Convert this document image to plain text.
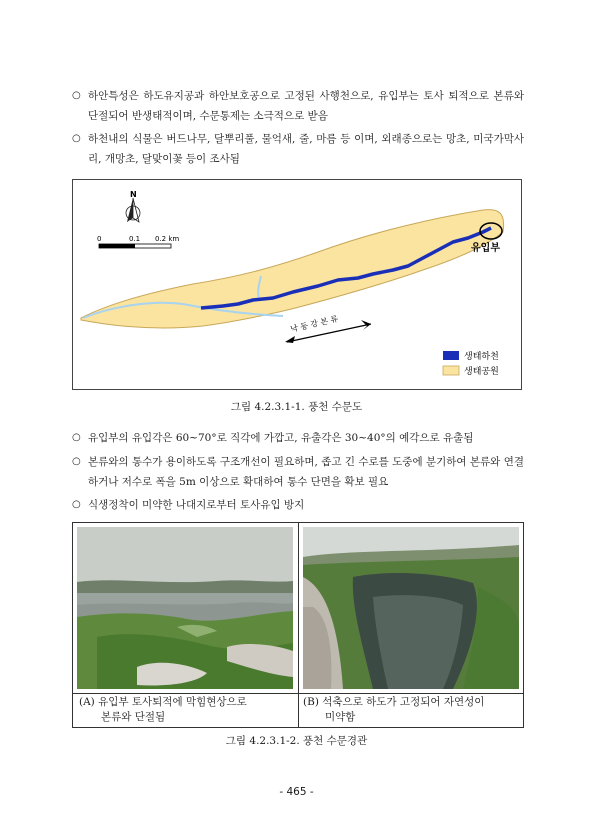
○ 하안특성은 하도유지공과 하안보호공으로 고정된 사행천으로, 유입부는 토사 퇴적으로 본류와 단절되어 반생태적이며, 수문통제는 소극적으로 받음
○ 하천내의 식물은 버드나무, 달뿌리풀, 물억새, 줄, 마름 등 이며, 외래종으로는 망초, 미국가막사리, 개망초, 달맞이꽃 등이 조사됨
N
0	0.1 0.2 km
유입부
낙 동 강 본 류
생태하천
생태공원
그림 4.2.3.1-1. 풍천 수문도
○ 유입부의 유입각은 60∼70°로 직각에 가깝고, 유출각은 30∼40°의 예각으로 유출됨
○ 본류와의 통수가 용이하도록 구조개선이 필요하며, 좁고 긴 수로를 도중에 분기하여 본류와 연결하거나 저수로 폭을 5m 이상으로 확대하여 통수 단면을 확보 필요
○ 식생정착이 미약한 나대지로부터 토사유입 방지
(A) 유입부 토사퇴적에 막힘현상으로
본류와 단절됨
(B) 석축으로 하도가 고정되어 자연성이
미약함
그림 4.2.3.1-2. 풍천 수문경관
- 465 -
